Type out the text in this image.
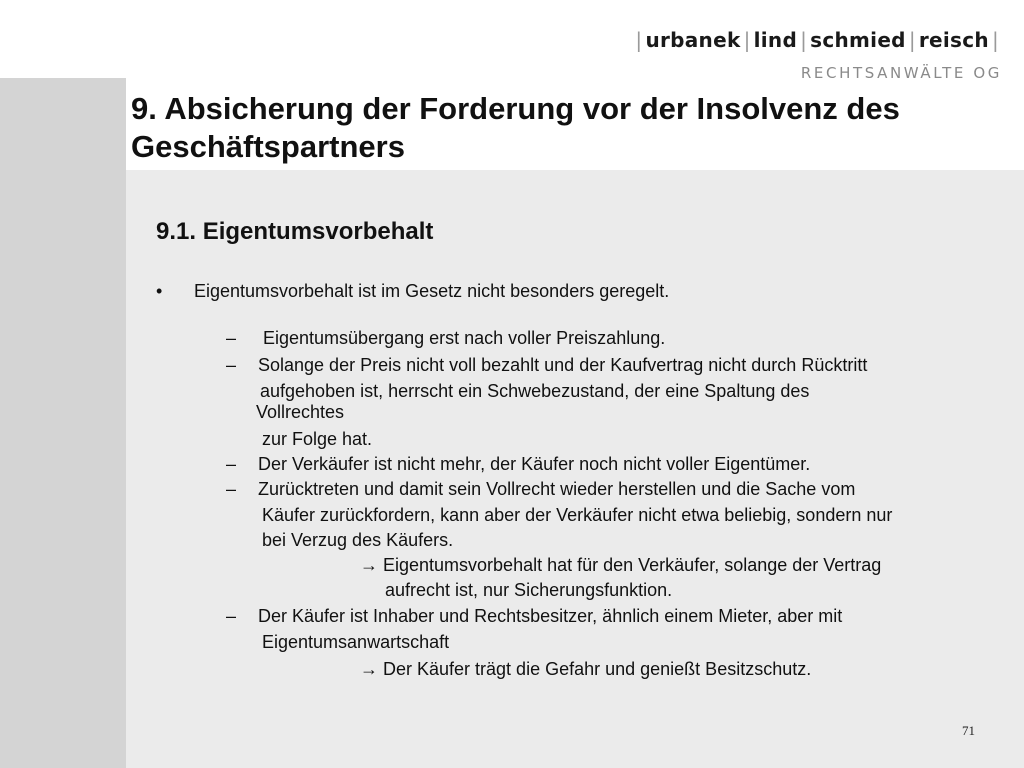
| urbanek | lind | schmied | reisch |
RECHTSANWÄLTE OG
9. Absicherung der Forderung vor der Insolvenz des Geschäftspartners
9.1. Eigentumsvorbehalt
• Eigentumsvorbehalt ist im Gesetz nicht besonders geregelt.

– Eigentumsübergang erst nach voller Preiszahlung.

– Solange der Preis nicht voll bezahlt und der Kaufvertrag nicht durch Rücktritt

aufgehoben ist, herrscht ein Schwebezustand, der eine Spaltung des

Vollrechtes

zur Folge hat.

– Der Verkäufer ist nicht mehr, der Käufer noch nicht voller Eigentümer.

– Zurücktreten und damit sein Vollrecht wieder herstellen und die Sache vom

Käufer zurückfordern, kann aber der Verkäufer nicht etwa beliebig, sondern nur

bei Verzug des Käufers.

→ Eigentumsvorbehalt hat für den Verkäufer, solange der Vertrag

aufrecht ist, nur Sicherungsfunktion.

– Der Käufer ist Inhaber und Rechtsbesitzer, ähnlich einem Mieter, aber mit

Eigentumsanwartschaft

→ Der Käufer trägt die Gefahr und genießt Besitzschutz.

71
